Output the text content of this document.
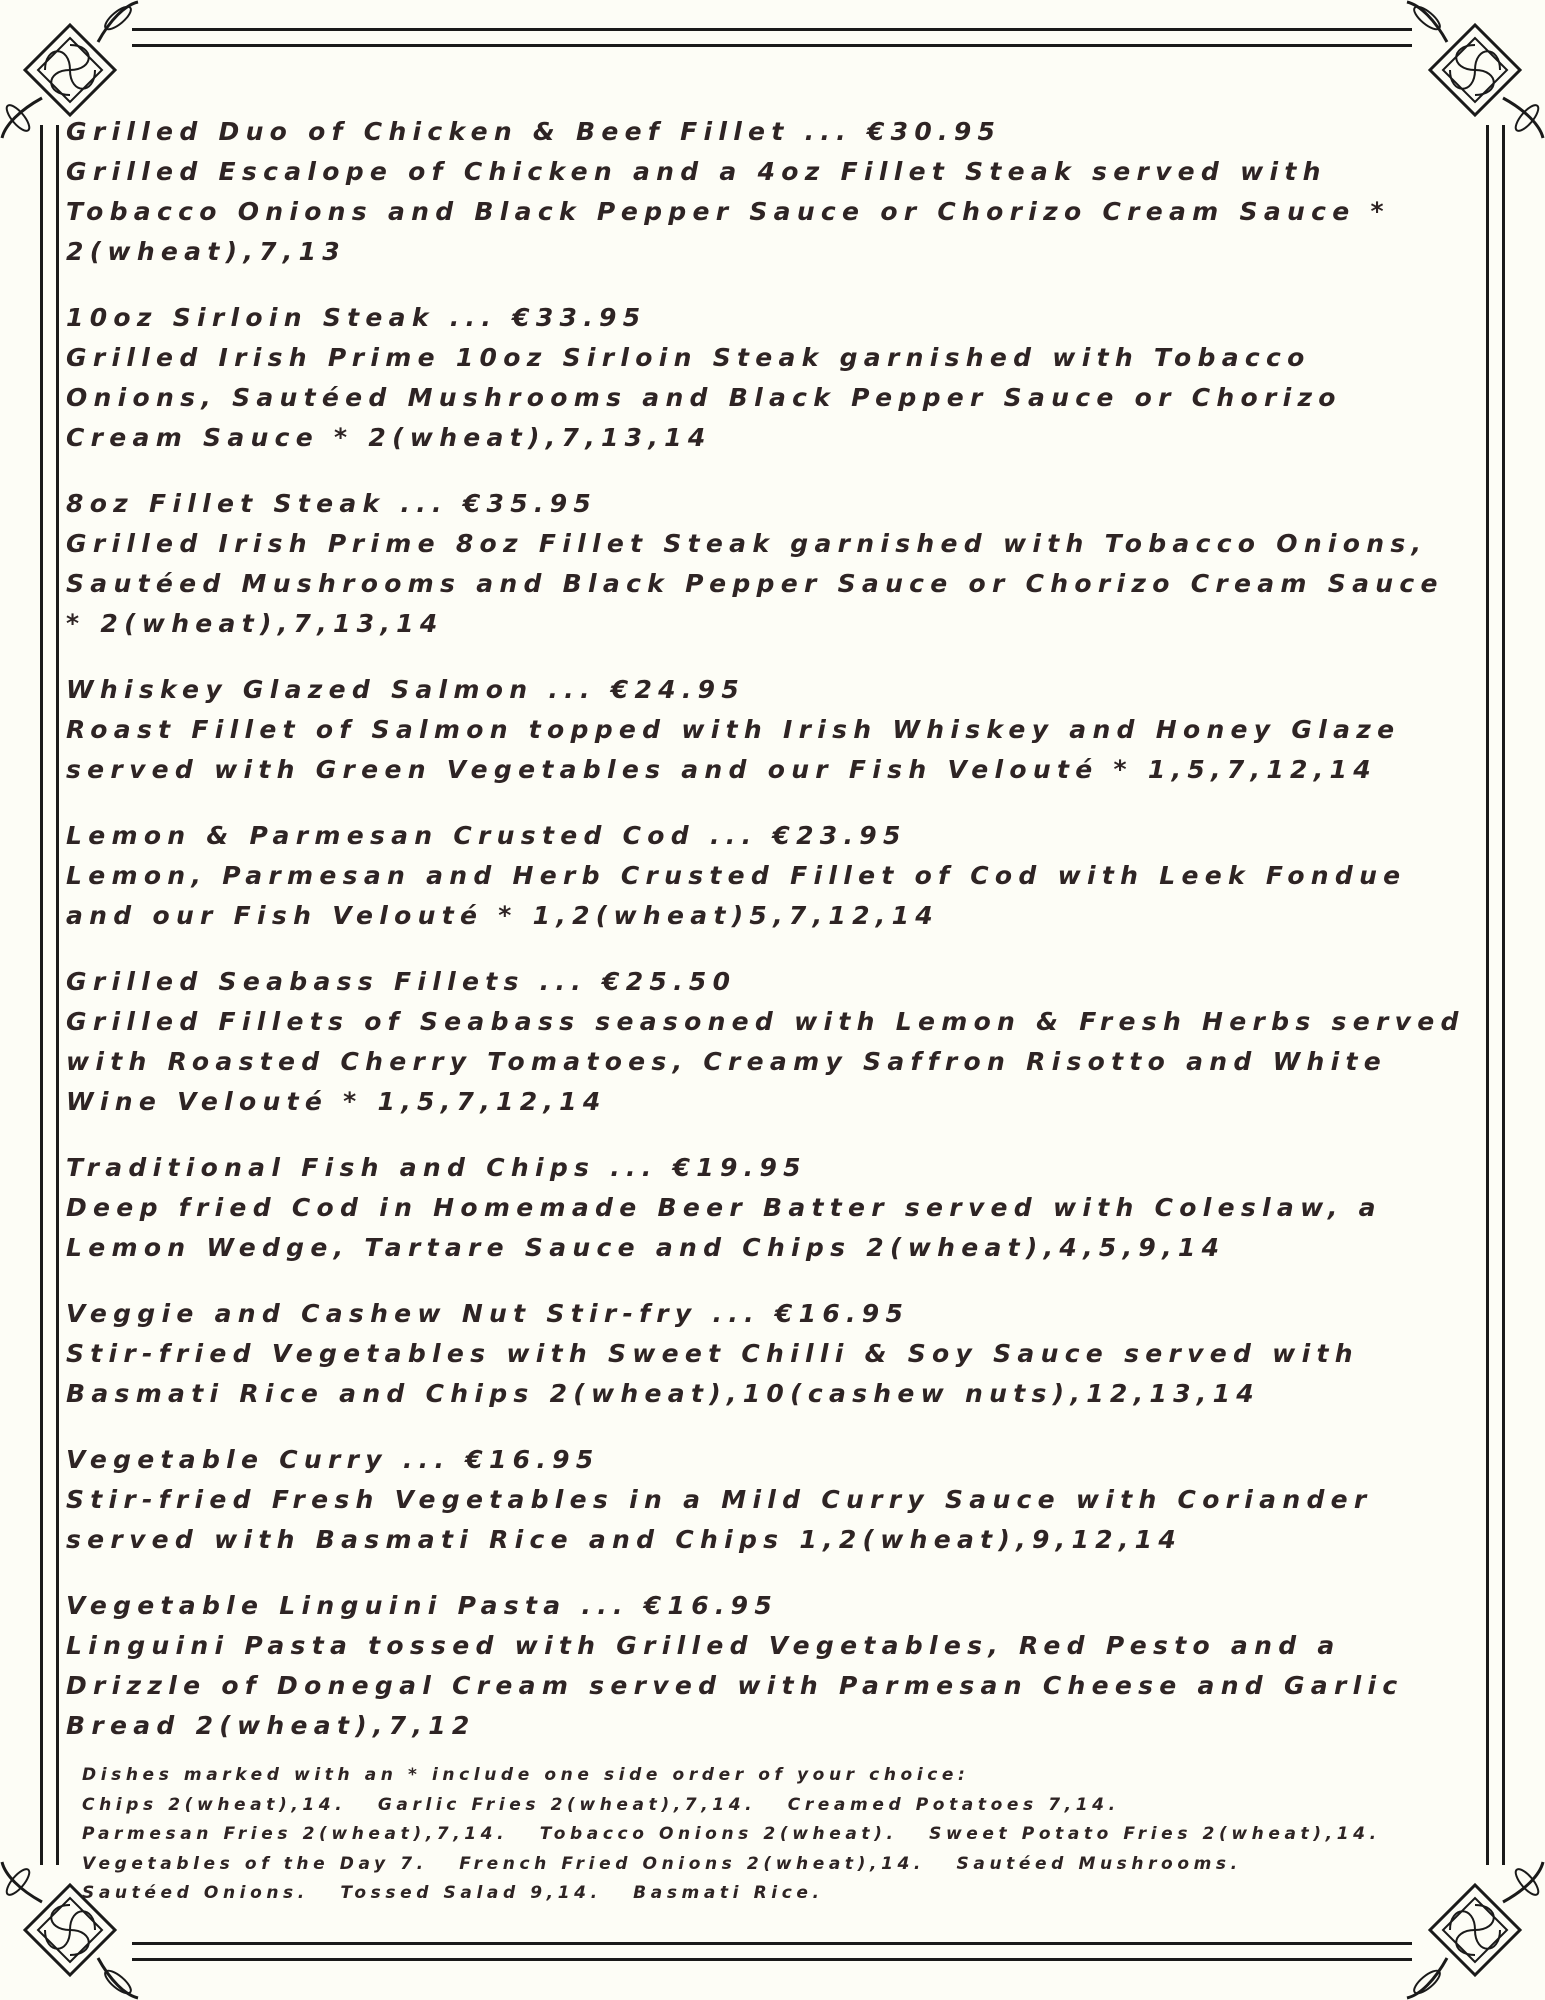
Grilled Duo of Chicken & Beef Fillet ... €30.95

Grilled Escalope of Chicken and a 4oz Fillet Steak served with Tobacco Onions and Black Pepper Sauce or Chorizo Cream Sauce * 2(wheat),7,13

10oz Sirloin Steak ... €33.95

Grilled Irish Prime 10oz Sirloin Steak garnished with Tobacco Onions, Sautéed Mushrooms and Black Pepper Sauce or Chorizo Cream Sauce * 2(wheat),7,13,14

8oz Fillet Steak ... €35.95

Grilled Irish Prime 8oz Fillet Steak garnished with Tobacco Onions, Sautéed Mushrooms and Black Pepper Sauce or Chorizo Cream Sauce * 2(wheat),7,13,14

Whiskey Glazed Salmon ... €24.95

Roast Fillet of Salmon topped with Irish Whiskey and Honey Glaze served with Green Vegetables and our Fish Velouté * 1,5,7,12,14

Lemon & Parmesan Crusted Cod ... €23.95

Lemon, Parmesan and Herb Crusted Fillet of Cod with Leek Fondue and our Fish Velouté * 1,2(wheat)5,7,12,14

Grilled Seabass Fillets ... €25.50

Grilled Fillets of Seabass seasoned with Lemon & Fresh Herbs served with Roasted Cherry Tomatoes, Creamy Saffron Risotto and White Wine Velouté * 1,5,7,12,14

Traditional Fish and Chips ... €19.95

Deep fried Cod in Homemade Beer Batter served with Coleslaw, a Lemon Wedge, Tartare Sauce and Chips 2(wheat),4,5,9,14

Veggie and Cashew Nut Stir-fry ... €16.95

Stir-fried Vegetables with Sweet Chilli & Soy Sauce served with Basmati Rice and Chips 2(wheat),10(cashew nuts),12,13,14

Vegetable Curry ... €16.95

Stir-fried Fresh Vegetables in a Mild Curry Sauce with Coriander served with Basmati Rice and Chips 1,2(wheat),9,12,14

Vegetable Linguini Pasta ... €16.95

Linguini Pasta tossed with Grilled Vegetables, Red Pesto and a Drizzle of Donegal Cream served with Parmesan Cheese and Garlic Bread 2(wheat),7,12

Dishes marked with an * include one side order of your choice:

Chips 2(wheat),14.   Garlic Fries 2(wheat),7,14.   Creamed Potatoes 7,14.

Parmesan Fries 2(wheat),7,14.   Tobacco Onions 2(wheat).   Sweet Potato Fries 2(wheat),14.

Vegetables of the Day 7.   French Fried Onions 2(wheat),14.   Sautéed Mushrooms.

Sautéed Onions.   Tossed Salad 9,14.   Basmati Rice.
